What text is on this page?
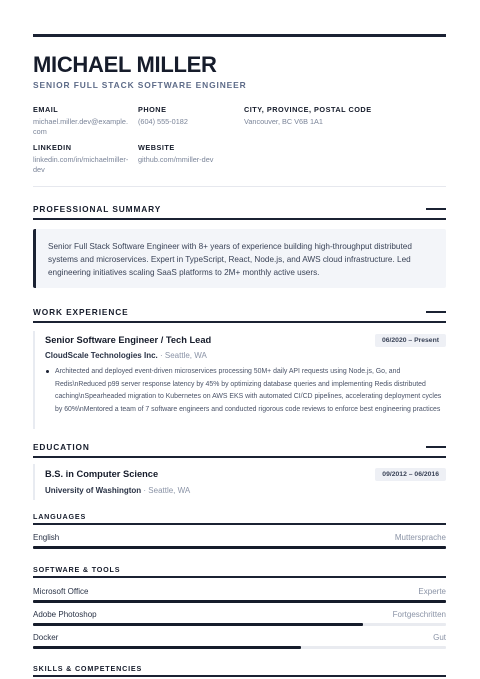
MICHAEL MILLER
SENIOR FULL STACK SOFTWARE ENGINEER
EMAIL
michael.miller.dev@example.com
PHONE
(604) 555-0182
CITY, PROVINCE, POSTAL CODE
Vancouver, BC V6B 1A1
LINKEDIN
linkedin.com/in/michaelmiller-dev
WEBSITE
github.com/mmiller-dev
PROFESSIONAL SUMMARY
Senior Full Stack Software Engineer with 8+ years of experience building high-throughput distributed systems and microservices. Expert in TypeScript, React, Node.js, and AWS cloud infrastructure. Led engineering initiatives scaling SaaS platforms to 2M+ monthly active users.
WORK EXPERIENCE
Senior Software Engineer / Tech Lead	06/2020 – Present
CloudScale Technologies Inc. · Seattle, WA
Architected and deployed event-driven microservices processing 50M+ daily API requests using Node.js, Go, and Redis\nReduced p99 server response latency by 45% by optimizing database queries and implementing Redis distributed caching\nSpearheaded migration to Kubernetes on AWS EKS with automated CI/CD pipelines, accelerating deployment cycles by 60%\nMentored a team of 7 software engineers and conducted rigorous code reviews to enforce best engineering practices
EDUCATION
B.S. in Computer Science	09/2012 – 06/2016
University of Washington · Seattle, WA
LANGUAGES
English	Muttersprache
SOFTWARE & TOOLS
Microsoft Office	Experte
Adobe Photoshop	Fortgeschritten
Docker	Gut
SKILLS & COMPETENCIES
